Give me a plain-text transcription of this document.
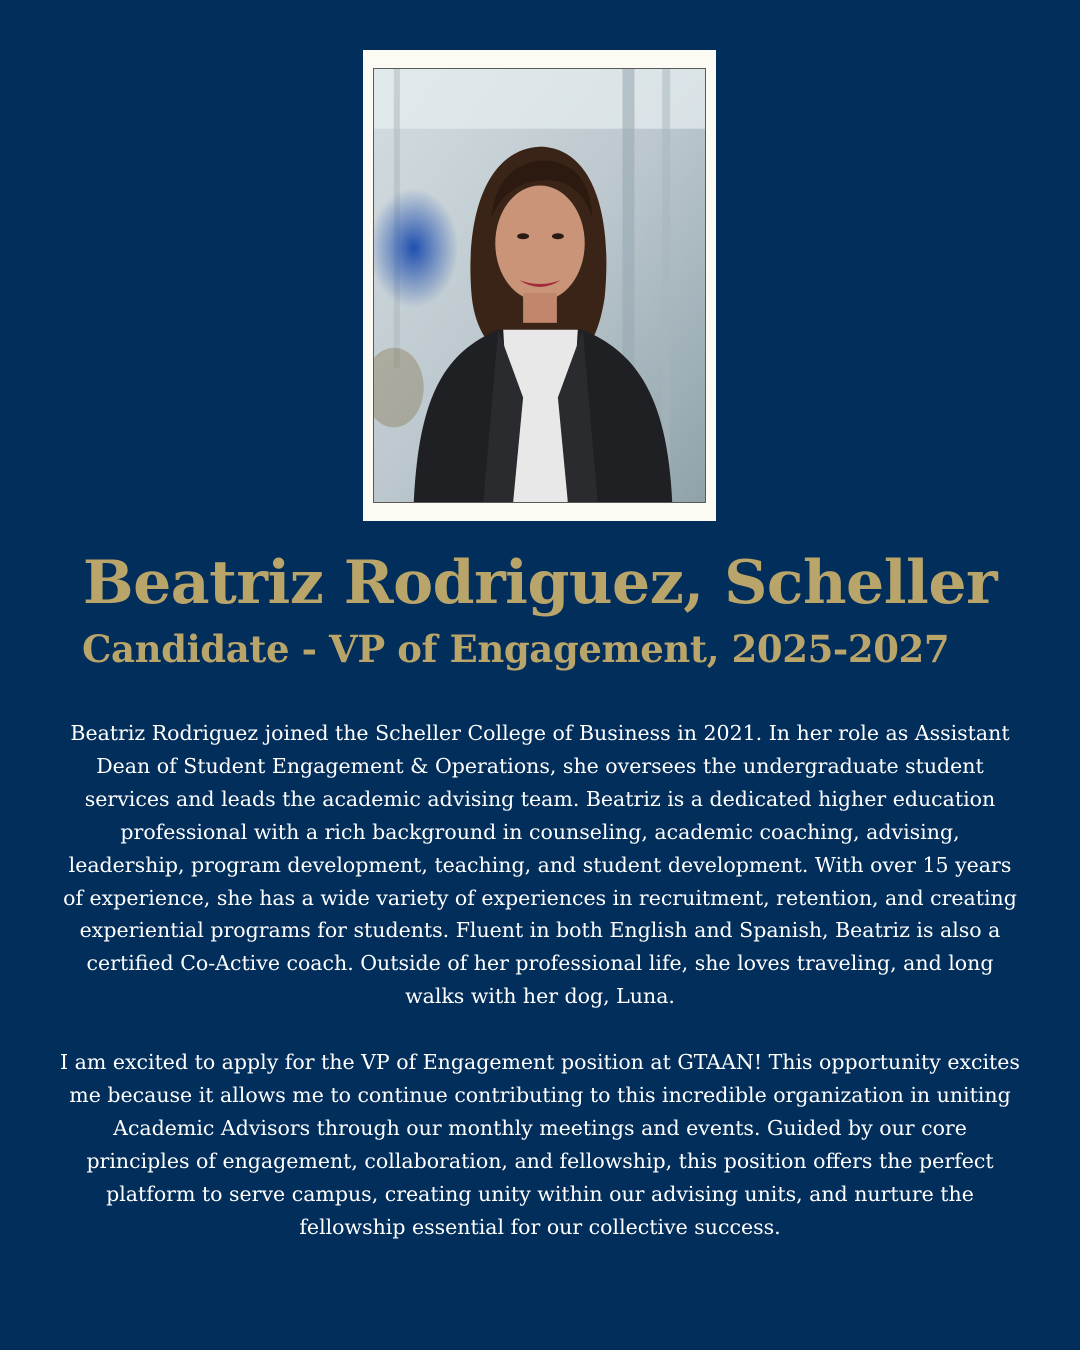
Beatriz Rodriguez, Scheller
Candidate - VP of Engagement, 2025-2027

Beatriz Rodriguez joined the Scheller College of Business in 2021. In her role as Assistant Dean of Student Engagement & Operations, she oversees the undergraduate student services and leads the academic advising team. Beatriz is a dedicated higher education professional with a rich background in counseling, academic coaching, advising, leadership, program development, teaching, and student development. With over 15 years of experience, she has a wide variety of experiences in recruitment, retention, and creating experiential programs for students. Fluent in both English and Spanish, Beatriz is also a certified Co-Active coach. Outside of her professional life, she loves traveling, and long walks with her dog, Luna.

I am excited to apply for the VP of Engagement position at GTAAN! This opportunity excites me because it allows me to continue contributing to this incredible organization in uniting Academic Advisors through our monthly meetings and events. Guided by our core principles of engagement, collaboration, and fellowship, this position offers the perfect platform to serve campus, creating unity within our advising units, and nurture the fellowship essential for our collective success.
